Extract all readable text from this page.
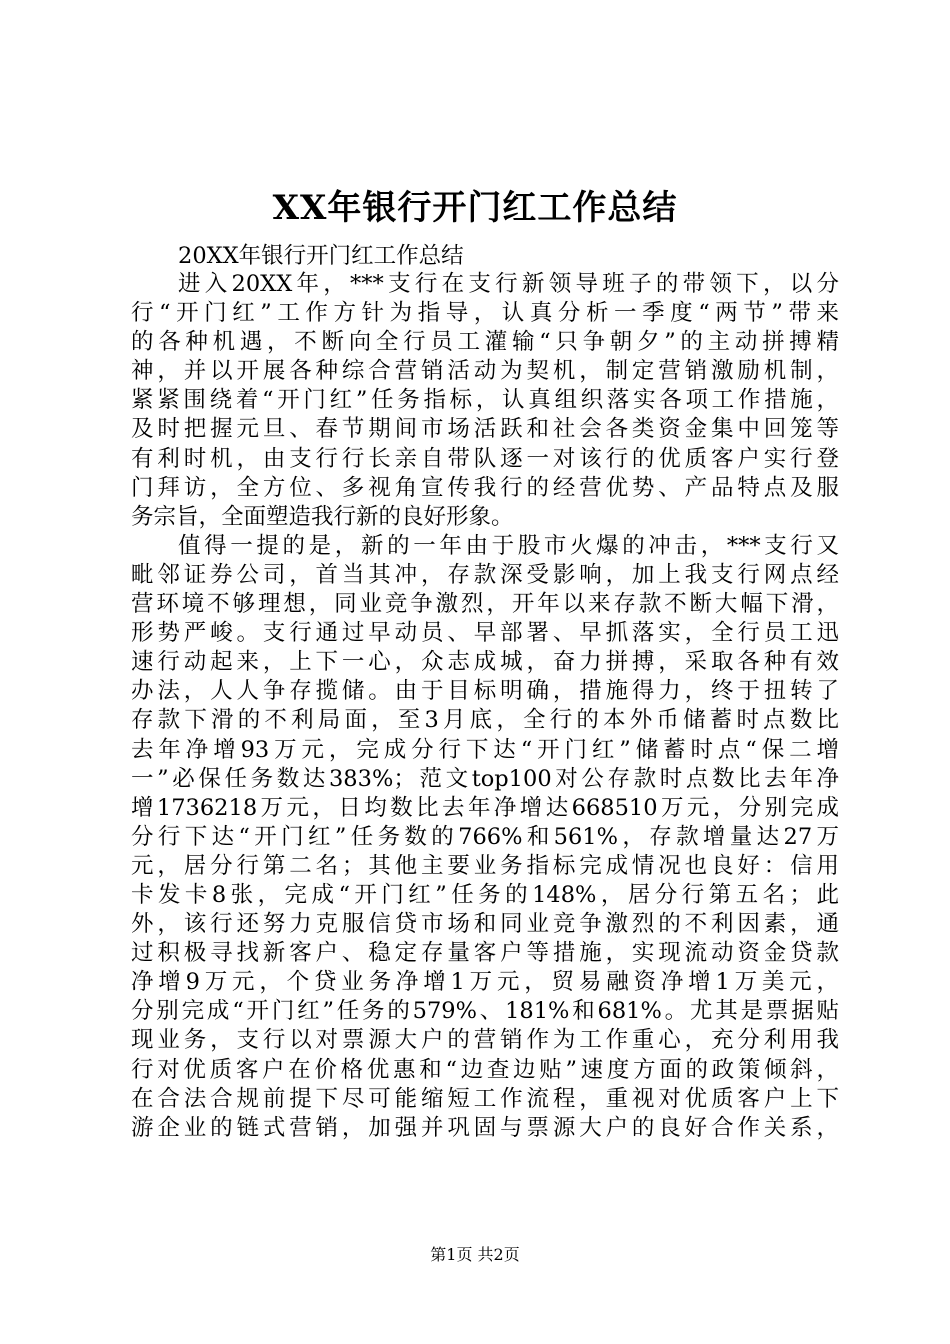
XX年银行开门红工作总结

20XX年银行开门红工作总结

进入20XX年，***支行在支行新领导班子的带领下，以分
行“开门红”工作方针为指导，认真分析一季度“两节”带来
的各种机遇，不断向全行员工灌输“只争朝夕”的主动拼搏精
神，并以开展各种综合营销活动为契机，制定营销激励机制，
紧紧围绕着“开门红”任务指标，认真组织落实各项工作措施，
及时把握元旦、春节期间市场活跃和社会各类资金集中回笼等
有利时机，由支行行长亲自带队逐一对该行的优质客户实行登
门拜访，全方位、多视角宣传我行的经营优势、产品特点及服
务宗旨，全面塑造我行新的良好形象。
值得一提的是，新的一年由于股市火爆的冲击，***支行又
毗邻证券公司，首当其冲，存款深受影响，加上我支行网点经
营环境不够理想，同业竞争激烈，开年以来存款不断大幅下滑，
形势严峻。支行通过早动员、早部署、早抓落实，全行员工迅
速行动起来，上下一心，众志成城，奋力拼搏，采取各种有效
办法，人人争存揽储。由于目标明确，措施得力，终于扭转了
存款下滑的不利局面，至3月底，全行的本外币储蓄时点数比
去年净增93万元，完成分行下达“开门红”储蓄时点“保二增
一”必保任务数达383%；范文top100对公存款时点数比去年净
增1736218万元，日均数比去年净增达668510万元，分别完成
分行下达“开门红”任务数的766%和561%，存款增量达27万
元，居分行第二名；其他主要业务指标完成情况也良好：信用
卡发卡8张，完成“开门红”任务的148%，居分行第五名；此
外，该行还努力克服信贷市场和同业竞争激烈的不利因素，通
过积极寻找新客户、稳定存量客户等措施，实现流动资金贷款
净增9万元，个贷业务净增1万元，贸易融资净增1万美元，
分别完成“开门红”任务的579%、181%和681%。尤其是票据贴
现业务，支行以对票源大户的营销作为工作重心，充分利用我
行对优质客户在价格优惠和“边查边贴”速度方面的政策倾斜，
在合法合规前提下尽可能缩短工作流程，重视对优质客户上下
游企业的链式营销，加强并巩固与票源大户的良好合作关系，
第1页 共2页
